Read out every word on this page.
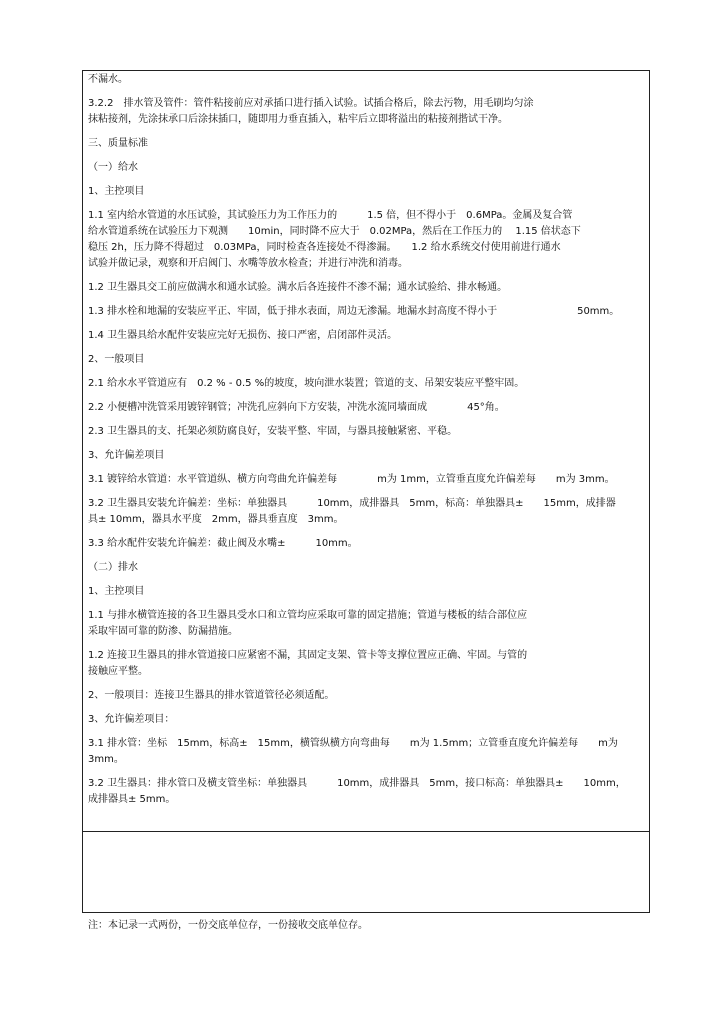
不漏水。

3.2.2　排水管及管件：管件粘接前应对承插口进行插入试验。试插合格后，除去污物，用毛刷均匀涂

抹粘接剂，先涂抹承口后涂抹插口，随即用力垂直插入，粘牢后立即将溢出的粘接剂揩试干净。

三、质量标准

（一）给水

1、主控项目

1.1 室内给水管道的水压试验，其试验压力为工作压力的　　　1.5 倍，但不得小于　0.6MPa。金属及复合管

给水管道系统在试验压力下观测　　10min，同时降不应大于　0.02MPa，然后在工作压力的　 1.15 倍状态下

稳压 2h，压力降不得超过　0.03MPa，同时检查各连接处不得渗漏。　　1.2 给水系统交付使用前进行通水

试验并做记录，观察和开启阀门、水嘴等放水检查；并进行冲洗和消毒。

1.2 卫生器具交工前应做满水和通水试验。满水后各连接件不渗不漏；通水试验给、排水畅通。

1.3 排水栓和地漏的安装应平正、牢固，低于排水表面，周边无渗漏。地漏水封高度不得小于　　　　　　　　50mm。

1.4 卫生器具给水配件安装应完好无损伤、接口严密，启闭部件灵活。

2、一般项目

2.1 给水水平管道应有　0.2 % - 0.5 %的坡度，坡向泄水装置；管道的支、吊架安装应平整牢固。

2.2 小便槽冲洗管采用镀锌钢管；冲洗孔应斜向下方安装，冲洗水流同墙面成　　　　45°角。

2.3 卫生器具的支、托架必须防腐良好，安装平整、牢固，与器具接触紧密、平稳。

3、允许偏差项目

3.1 镀锌给水管道：水平管道纵、横方向弯曲允许偏差每　　　　m为 1mm，立管垂直度允许偏差每　　m为 3mm。

3.2 卫生器具安装允许偏差：坐标：单独器具　　　10mm，成排器具　5mm，标高：单独器具±　　15mm，成排器

具± 10mm，器具水平度　2mm，器具垂直度　3mm。

3.3 给水配件安装允许偏差：截止阀及水嘴±　　　10mm。

（二）排水

1、主控项目

1.1 与排水横管连接的各卫生器具受水口和立管均应采取可靠的固定措施；管道与楼板的结合部位应

采取牢固可靠的防渗、防漏措施。

1.2 连接卫生器具的排水管道接口应紧密不漏，其固定支架、管卡等支撑位置应正确、牢固。与管的

接触应平整。

2、一般项目：连接卫生器具的排水管道管径必须适配。

3、允许偏差项目：

3.1 排水管：坐标　15mm，标高±　15mm，横管纵横方向弯曲每　　m为 1.5mm；立管垂直度允许偏差每　　m为

3mm。

3.2 卫生器具：排水管口及横支管坐标：单独器具　　　10mm，成排器具　5mm，接口标高：单独器具±　　10mm，

成排器具± 5mm。

注：本记录一式两份，一份交底单位存，一份接收交底单位存。
